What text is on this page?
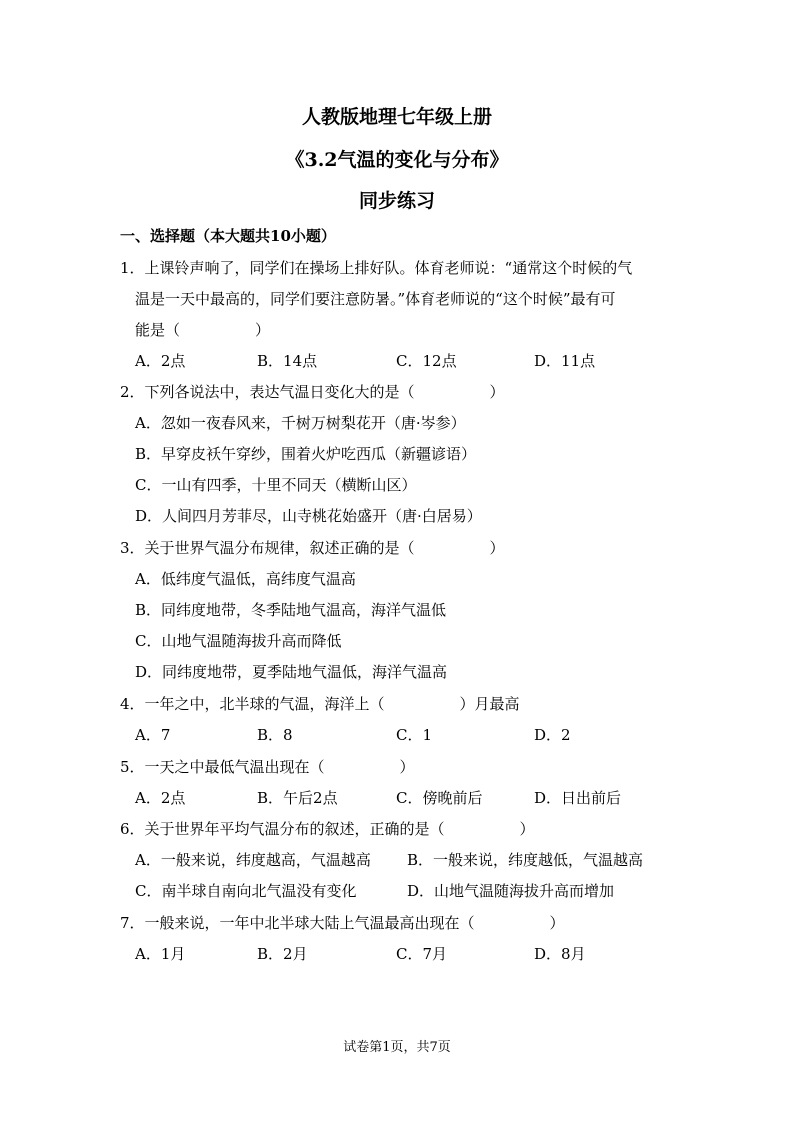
人教版地理七年级上册
《3.2气温的变化与分布》
同步练习
一、选择题（本大题共10小题）
1．上课铃声响了，同学们在操场上排好队。体育老师说：“通常这个时候的气
温是一天中最高的，同学们要注意防暑。”体育老师说的“这个时候”最有可
能是（　　　　　）
A．2点	B．14点	C．12点	D．11点
2．下列各说法中，表达气温日变化大的是（　　　　　）
A．忽如一夜春风来，千树万树梨花开（唐·岑参）
B．早穿皮袄午穿纱，围着火炉吃西瓜（新疆谚语）
C．一山有四季，十里不同天（横断山区）
D．人间四月芳菲尽，山寺桃花始盛开（唐·白居易）
3．关于世界气温分布规律，叙述正确的是（　　　　　）
A．低纬度气温低，高纬度气温高
B．同纬度地带，冬季陆地气温高，海洋气温低
C．山地气温随海拔升高而降低
D．同纬度地带，夏季陆地气温低，海洋气温高
4．一年之中，北半球的气温，海洋上（　　　　　）月最高
A．7	B．8	C．1	D．2
5．一天之中最低气温出现在（　　　　　）
A．2点	B．午后2点	C．傍晚前后	D．日出前后
6．关于世界年平均气温分布的叙述，正确的是（　　　　　）
A．一般来说，纬度越高，气温越高 B．一般来说，纬度越低，气温越高
C．南半球自南向北气温没有变化	D．山地气温随海拔升高而增加
7．一般来说，一年中北半球大陆上气温最高出现在（　　　　　）
A．1月	B．2月	C．7月	D．8月
试卷第1页，共7页
